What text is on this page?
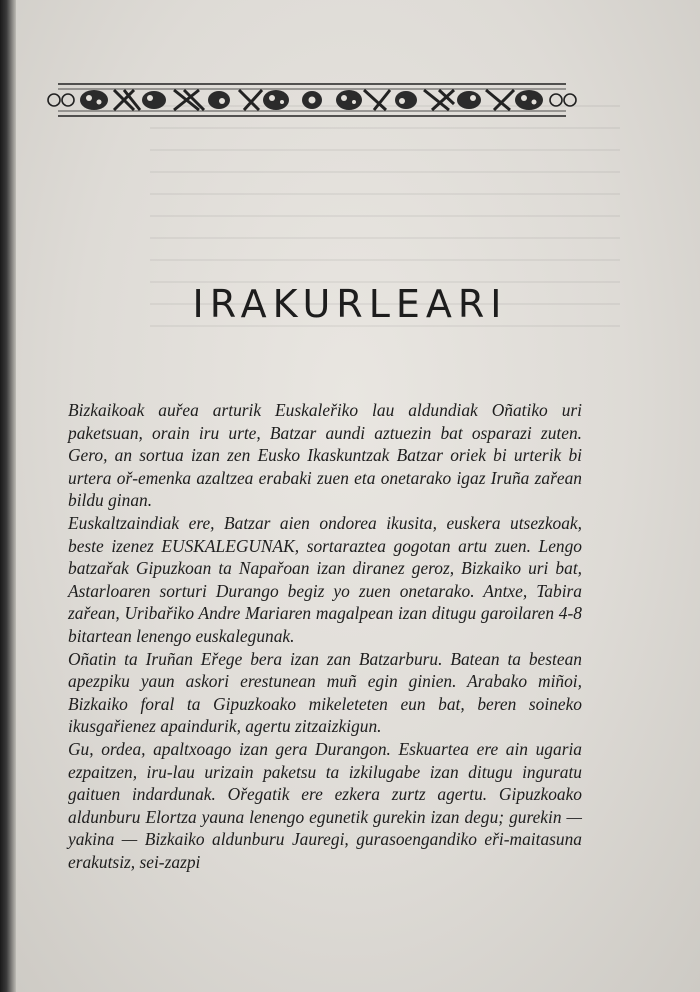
IRAKURLEARI

Bizkaikoak auřea arturik Euskaleřiko lau aldundiak Oñatiko uri paketsuan, orain iru urte, Batzar aundi aztuezin bat osparazi zuten. Gero, an sortua izan zen Eusko Ikaskuntzak Batzar oriek bi urterik bi urtera oř-emenka azaltzea erabaki zuen eta onetarako igaz Iruña zařean bildu ginan.

Euskaltzaindiak ere, Batzar aien ondorea ikusita, euskera utsezkoak, beste izenez EUSKALEGUNAK, sortaraztea gogotan artu zuen. Lengo batzařak Gipuzkoan ta Napařoan izan diranez geroz, Bizkaiko uri bat, Astarloaren sorturi Durango begiz yo zuen onetarako. Antxe, Tabira zařean, Uribařiko Andre Mariaren magalpean izan ditugu garoilaren 4-8 bitartean lenengo euskalegunak.

Oñatin ta Iruñan Eřege bera izan zan Batzarburu. Batean ta bestean apezpiku yaun askori erestunean muñ egin ginien. Arabako miñoi, Bizkaiko foral ta Gipuzkoako mikeleteten eun bat, beren soineko ikusgařienez apaindurik, agertu zitzaizkigun.

Gu, ordea, apaltxoago izan gera Durangon. Eskuartea ere ain ugaria ezpaitzen, iru-lau urizain paketsu ta izkilugabe izan ditugu inguratu gaituen indardunak. Ořegatik ere ezkera zurtz agertu. Gipuzkoako aldunburu Elortza yauna lenengo egunetik gurekin izan degu; gurekin — yakina — Bizkaiko aldunburu Jauregi, gurasoengandiko eři-maitasuna erakutsiz, sei-zazpi
